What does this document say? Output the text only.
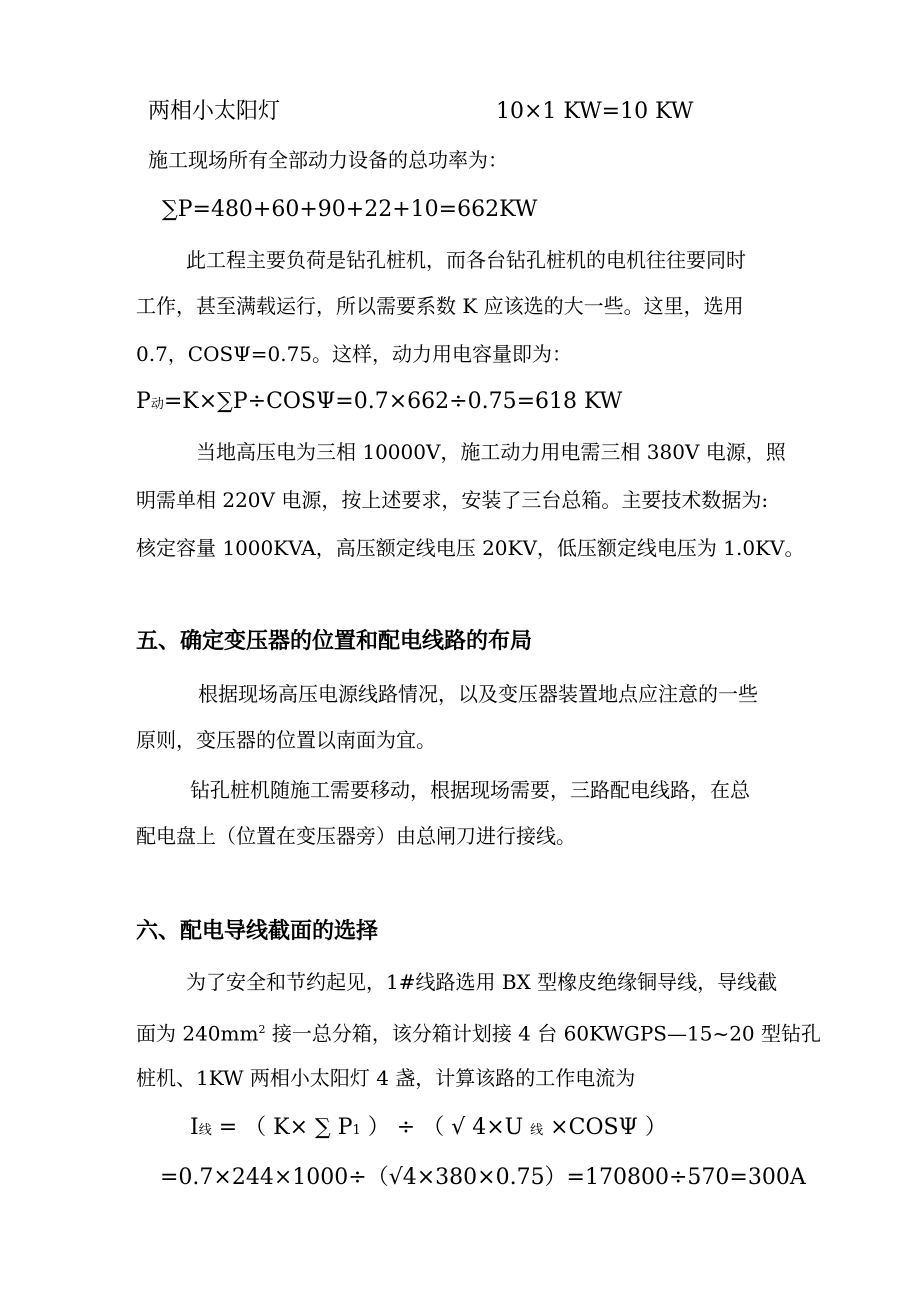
两相小太阳灯	10×1 KW=10 KW
施工现场所有全部动力设备的总功率为：
∑P=480+60+90+22+10=662KW
此工程主要负荷是钻孔桩机，而各台钻孔桩机的电机往往要同时
工作，甚至满载运行，所以需要系数 K 应该选的大一些。这里，选用
0.7，COSΨ=0.75。这样，动力用电容量即为：
P动=K×∑P÷COSΨ=0.7×662÷0.75=618 KW
当地高压电为三相 10000V，施工动力用电需三相 380V 电源，照
明需单相 220V 电源，按上述要求，安装了三台总箱。主要技术数据为:
核定容量 1000KVA，高压额定线电压 20KV，低压额定线电压为 1.0KV。
五、确定变压器的位置和配电线路的布局
根据现场高压电源线路情况，以及变压器装置地点应注意的一些
原则，变压器的位置以南面为宜。
钻孔桩机随施工需要移动，根据现场需要，三路配电线路，在总
配电盘上（位置在变压器旁）由总闸刀进行接线。
六、配电导线截面的选择
为了安全和节约起见，1#线路选用 BX 型橡皮绝缘铜导线，导线截
面为 $240mm^2$ 接一总分箱，该分箱计划接 4 台 60KWGPS—15~20 型钻孔
桩机、1KW 两相小太阳灯 4 盏，计算该路的工作电流为
I线 = （ K× ∑ P1 ） ÷ （ √ 4×U 线 ×COSΨ ）
=0.7×244×1000÷（√4×380×0.75）=170800÷570=300A
